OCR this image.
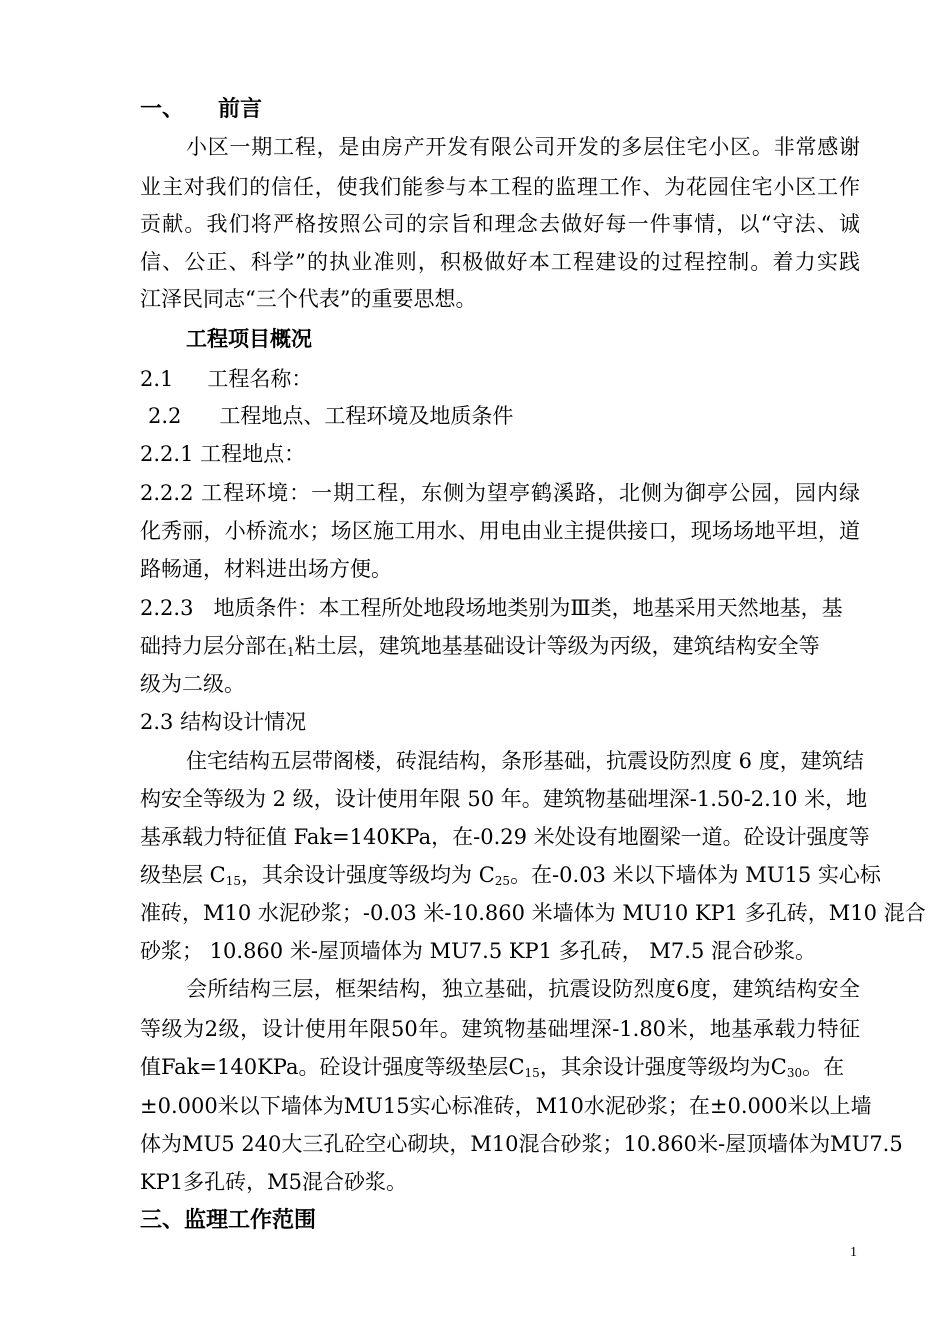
一、 前言
小区一期工程，是由房产开发有限公司开发的多层住宅小区。非常感谢
业主对我们的信任，使我们能参与本工程的监理工作、为花园住宅小区工作
贡献。我们将严格按照公司的宗旨和理念去做好每一件事情，以“守法、诚
信、公正、科学”的执业准则，积极做好本工程建设的过程控制。着力实践
江泽民同志“三个代表”的重要思想。
工程项目概况
2.1 工程名称：
2.2 工程地点、工程环境及地质条件
2.2.1 工程地点：
2.2.2 工程环境：一期工程，东侧为望亭鹤溪路，北侧为御亭公园，园内绿
化秀丽，小桥流水；场区施工用水、用电由业主提供接口，现场场地平坦，道
路畅通，材料进出场方便。
2.2.3 地质条件：本工程所处地段场地类别为Ⅲ类，地基采用天然地基，基
础持力层分部在$_1$粘土层，建筑地基基础设计等级为丙级，建筑结构安全等
级为二级。
2.3 结构设计情况
住宅结构五层带阁楼，砖混结构，条形基础，抗震设防烈度 6 度，建筑结
构安全等级为 2 级，设计使用年限 50 年。建筑物基础埋深-1.50-2.10 米，地
基承载力特征值 Fak=140KPa，在-0.29 米处设有地圈梁一道。砼设计强度等
级垫层 $C_{15}$，其余设计强度等级均为 $C_{25}$。在-0.03 米以下墙体为 MU15 实心标
准砖，M10 水泥砂浆；-0.03 米-10.860 米墙体为 MU10 KP1 多孔砖，M10 混合
砂浆； 10.860 米-屋顶墙体为 MU7.5 KP1 多孔砖， M7.5 混合砂浆。
会所结构三层，框架结构，独立基础，抗震设防烈度6度，建筑结构安全
等级为2级，设计使用年限50年。建筑物基础埋深-1.80米，地基承载力特征
值Fak=140KPa。砼设计强度等级垫层$C_{15}$，其余设计强度等级均为$C_{30}$。在
±0.000米以下墙体为MU15实心标准砖，M10水泥砂浆；在±0.000米以上墙
体为MU5 240大三孔砼空心砌块，M10混合砂浆；10.860米-屋顶墙体为MU7.5
KP1多孔砖，M5混合砂浆。
三、监理工作范围
1
